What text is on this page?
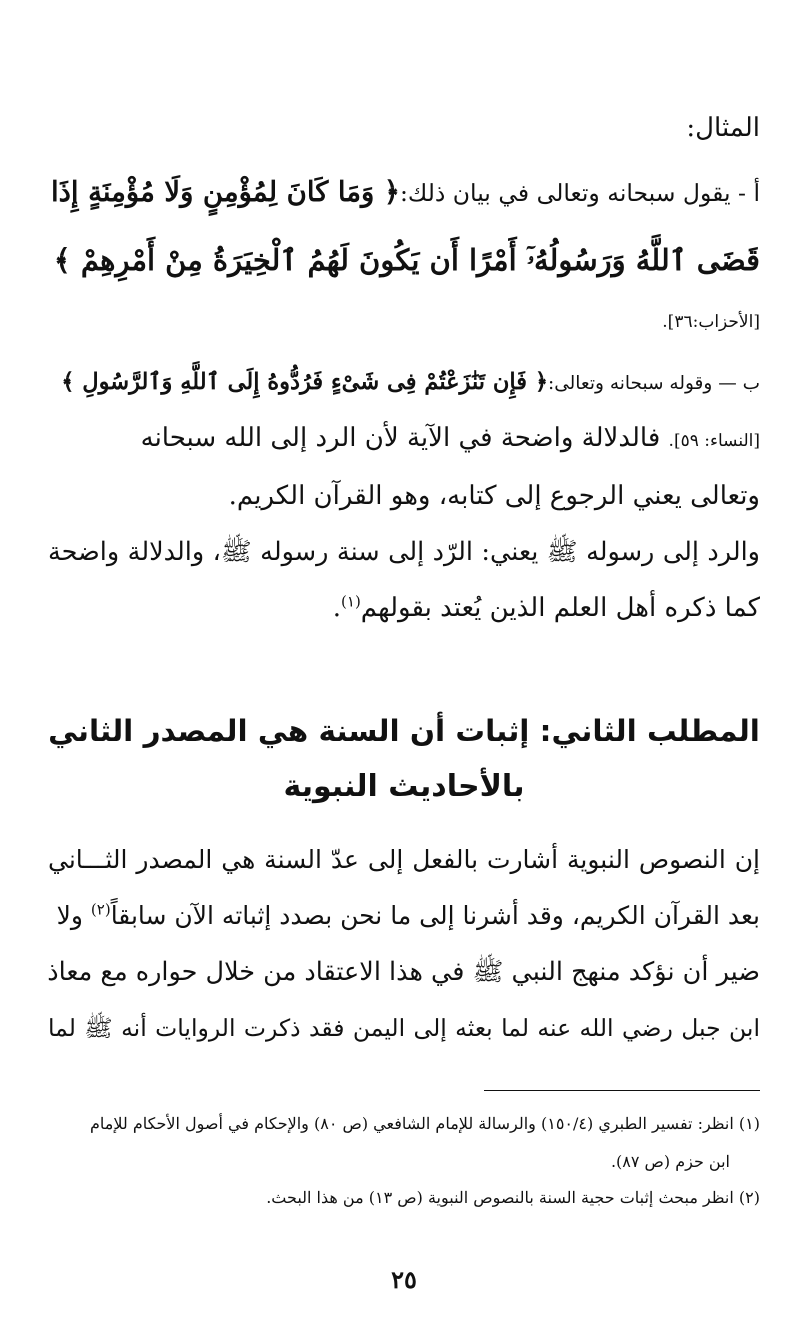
المثال:
أ - يقول سبحانه وتعالى في بيان ذلك:﴿ وَمَا كَانَ لِمُؤْمِنٍ وَلَا مُؤْمِنَةٍ إِذَا
قَضَى ٱللَّهُ وَرَسُولُهُۥٓ أَمْرًا أَن يَكُونَ لَهُمُ ٱلْخِيَرَةُ مِنْ أَمْرِهِمْ ﴾
[الأحزاب:٣٦].
ب — وقوله سبحانه وتعالى:﴿ فَإِن تَنَٰزَعْتُمْ فِى شَىْءٍ فَرُدُّوهُ إِلَى ٱللَّهِ وَٱلرَّسُولِ ﴾
[النساء: ٥٩]. فالدلالة واضحة في الآية لأن الرد إلى الله سبحانه
وتعالى يعني الرجوع إلى كتابه، وهو القرآن الكريم.
والرد إلى رسوله ﷺ يعني: الرّد إلى سنة رسوله ﷺ، والدلالة واضحة
كما ذكره أهل العلم الذين يُعتد بقولهم$^{(١)}$.
المطلب الثاني: إثبات أن السنة هي المصدر الثاني
بالأحاديث النبوية
إن النصوص النبوية أشارت بالفعل إلى عدّ السنة هي المصدر الثـــاني
بعد القرآن الكريم، وقد أشرنا إلى ما نحن بصدد إثباته الآن سابقاً$^{(٢)}$ ولا
ضير أن نؤكد منهج النبي ﷺ في هذا الاعتقاد من خلال حواره مع معاذ
ابن جبل رضي الله عنه لما بعثه إلى اليمن فقد ذكرت الروايات أنه ﷺ لما
(١) انظر: تفسير الطبري (١٥٠/٤) والرسالة للإمام الشافعي (ص ٨٠) والإحكام في أصول الأحكام للإمام
ابن حزم (ص ٨٧).
(٢) انظر مبحث إثبات حجية السنة بالنصوص النبوية (ص ١٣) من هذا البحث.
٢٥
